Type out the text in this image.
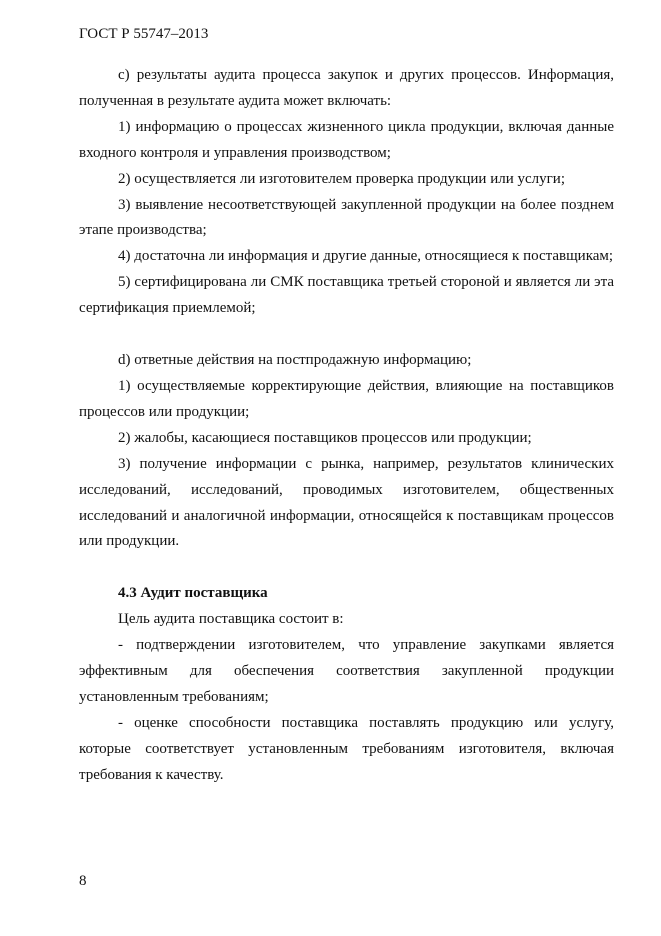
ГОСТ Р 55747–2013

c) результаты аудита процесса закупок и других процессов. Информация, полученная в результате аудита может включать:

1) информацию о процессах жизненного цикла продукции, включая данные входного контроля и управления производством;

2) осуществляется ли изготовителем проверка продукции или услуги;

3) выявление несоответствующей закупленной продукции на более позднем этапе производства;

4) достаточна ли информация и другие данные, относящиеся к поставщикам;

5) сертифицирована ли СМК поставщика третьей стороной и является ли эта сертификация приемлемой;

d) ответные действия на постпродажную информацию;

1) осуществляемые корректирующие действия, влияющие на поставщиков процессов или продукции;

2) жалобы, касающиеся поставщиков процессов или продукции;

3) получение информации с рынка, например, результатов клинических исследований, исследований, проводимых изготовителем, общественных исследований и аналогичной информации, относящейся к поставщикам процессов или продукции.

4.3 Аудит поставщика

Цель аудита поставщика состоит в:

- подтверждении изготовителем, что управление закупками является эффективным для обеспечения соответствия закупленной продукции установленным требованиям;

- оценке способности поставщика поставлять продукцию или услугу, которые соответствует установленным требованиям изготовителя, включая требования к качеству.

8
